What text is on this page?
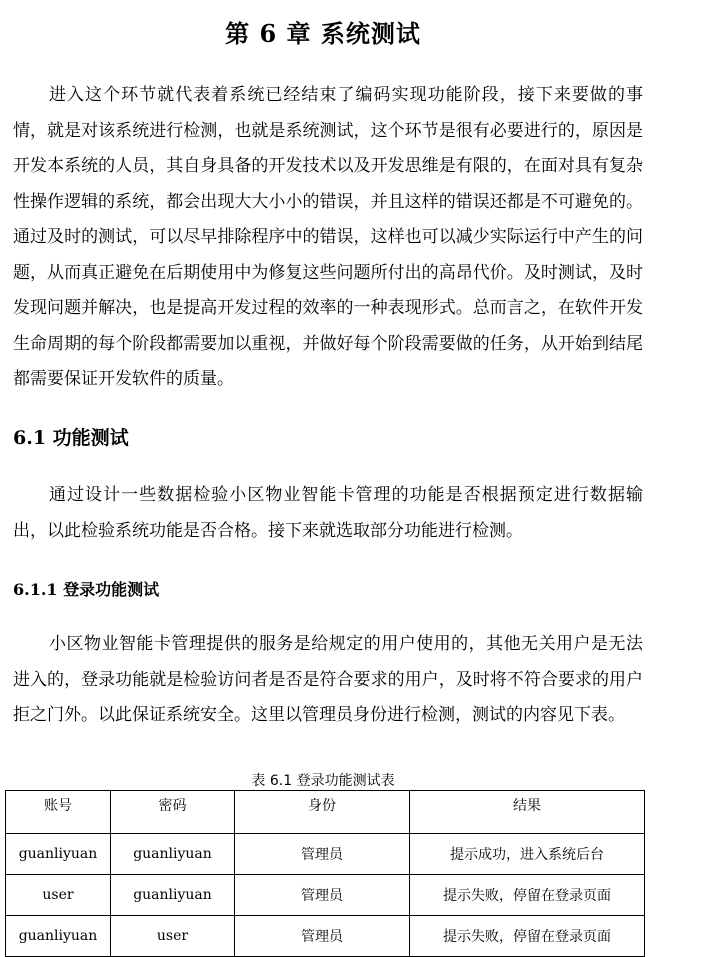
第 6 章 系统测试

进入这个环节就代表着系统已经结束了编码实现功能阶段，接下来要做的事情，就是对该系统进行检测，也就是系统测试，这个环节是很有必要进行的，原因是开发本系统的人员，其自身具备的开发技术以及开发思维是有限的，在面对具有复杂性操作逻辑的系统，都会出现大大小小的错误，并且这样的错误还都是不可避免的。通过及时的测试，可以尽早排除程序中的错误，这样也可以减少实际运行中产生的问题，从而真正避免在后期使用中为修复这些问题所付出的高昂代价。及时测试，及时发现问题并解决，也是提高开发过程的效率的一种表现形式。总而言之，在软件开发生命周期的每个阶段都需要加以重视，并做好每个阶段需要做的任务，从开始到结尾都需要保证开发软件的质量。

6.1 功能测试

通过设计一些数据检验小区物业智能卡管理的功能是否根据预定进行数据输出，以此检验系统功能是否合格。接下来就选取部分功能进行检测。

6.1.1 登录功能测试

小区物业智能卡管理提供的服务是给规定的用户使用的，其他无关用户是无法进入的，登录功能就是检验访问者是否是符合要求的用户，及时将不符合要求的用户拒之门外。以此保证系统安全。这里以管理员身份进行检测，测试的内容见下表。

表 6.1 登录功能测试表
账号	密码	身份	结果
guanliyuan	guanliyuan	管理员	提示成功，进入系统后台
user	guanliyuan	管理员	提示失败，停留在登录页面
guanliyuan	user	管理员	提示失败，停留在登录页面
